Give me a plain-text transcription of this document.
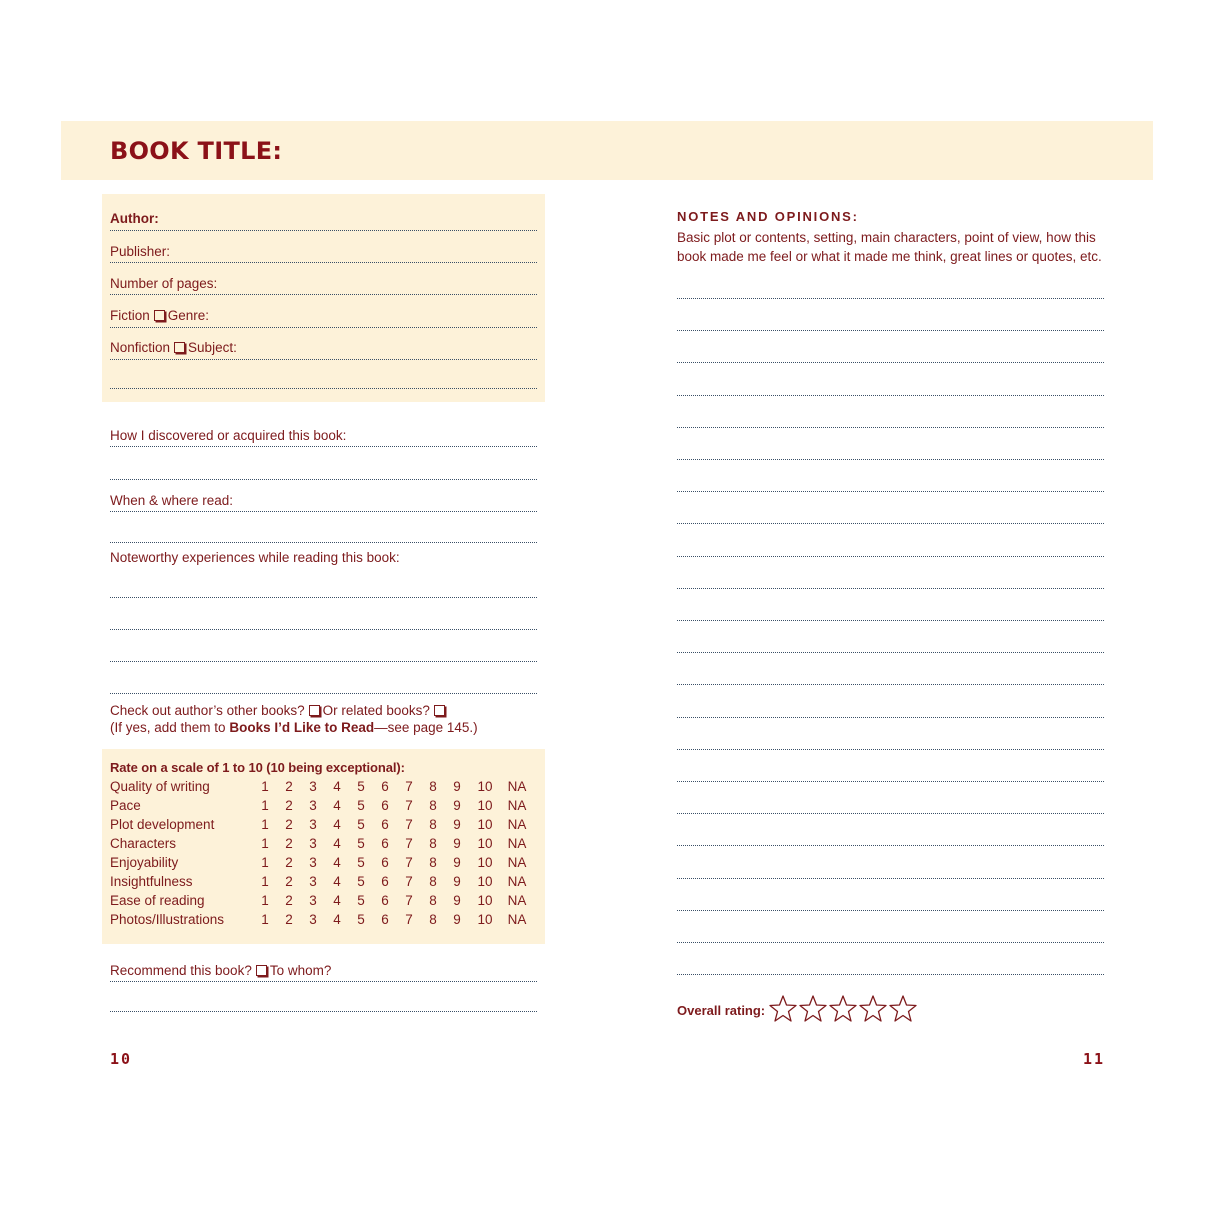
BOOK TITLE:
Author:
Publisher:
Number of pages:
Fiction Genre:
Nonfiction Subject:
How I discovered or acquired this book:
When & where read:
Noteworthy experiences while reading this book:
Check out author’s other books? Or related books?
(If yes, add them to Books I’d Like to Read—see page 145.)
Rate on a scale of 1 to 10 (10 being exceptional):
Quality of writing	1	2	3	4	5	6	7	8	9	10 NA
Pace	1	2	3	4	5	6	7	8	9	10 NA
Plot development	1	2	3	4	5	6	7	8	9	10 NA
Characters	1	2	3	4	5	6	7	8	9	10 NA
Enjoyability	1	2	3	4	5	6	7	8	9	10 NA
Insightfulness	1	2	3	4	5	6	7	8	9	10 NA
Ease of reading	1	2	3	4	5	6	7	8	9	10 NA
Photos/Illustrations	1	2	3	4	5	6	7	8	9	10 NA
Recommend this book? To whom?
NOTES AND OPINIONS:
Basic plot or contents, setting, main characters, point of view, how this book made me feel or what it made me think, great lines or quotes, etc.
Overall rating:
10	11
